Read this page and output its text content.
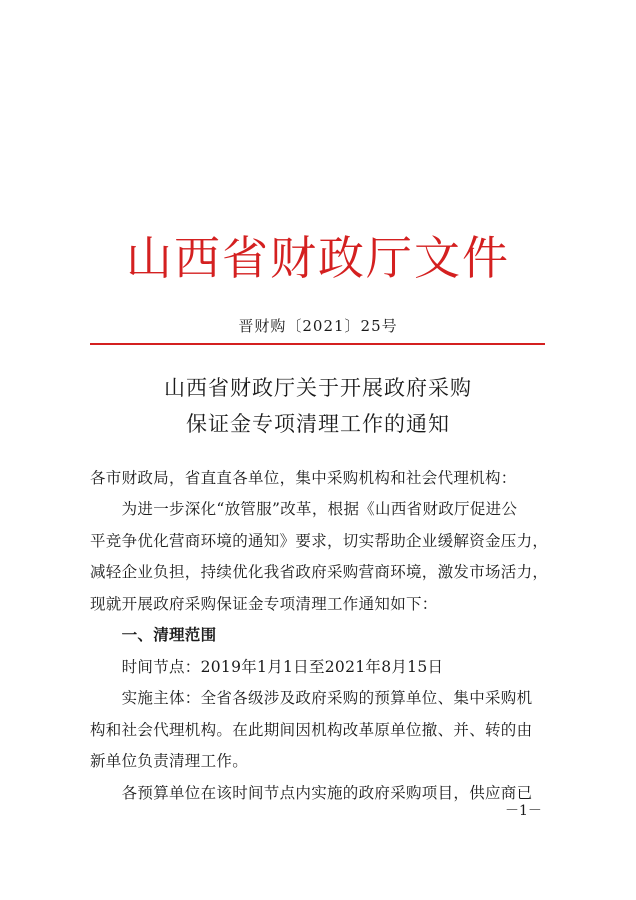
山西省财政厅文件
晋财购〔2021〕25号
山西省财政厅关于开展政府采购
保证金专项清理工作的通知
各市财政局，省直直各单位，集中采购机构和社会代理机构：
　　为进一步深化“放管服”改革，根据《山西省财政厅促进公
平竞争优化营商环境的通知》要求，切实帮助企业缓解资金压力，
减轻企业负担，持续优化我省政府采购营商环境，激发市场活力，
现就开展政府采购保证金专项清理工作通知如下：
　　一、清理范围
　　时间节点：2019年1月1日至2021年8月15日
　　实施主体：全省各级涉及政府采购的预算单位、集中采购机
构和社会代理机构。在此期间因机构改革原单位撤、并、转的由
新单位负责清理工作。
　　各预算单位在该时间节点内实施的政府采购项目，供应商已
－1－
